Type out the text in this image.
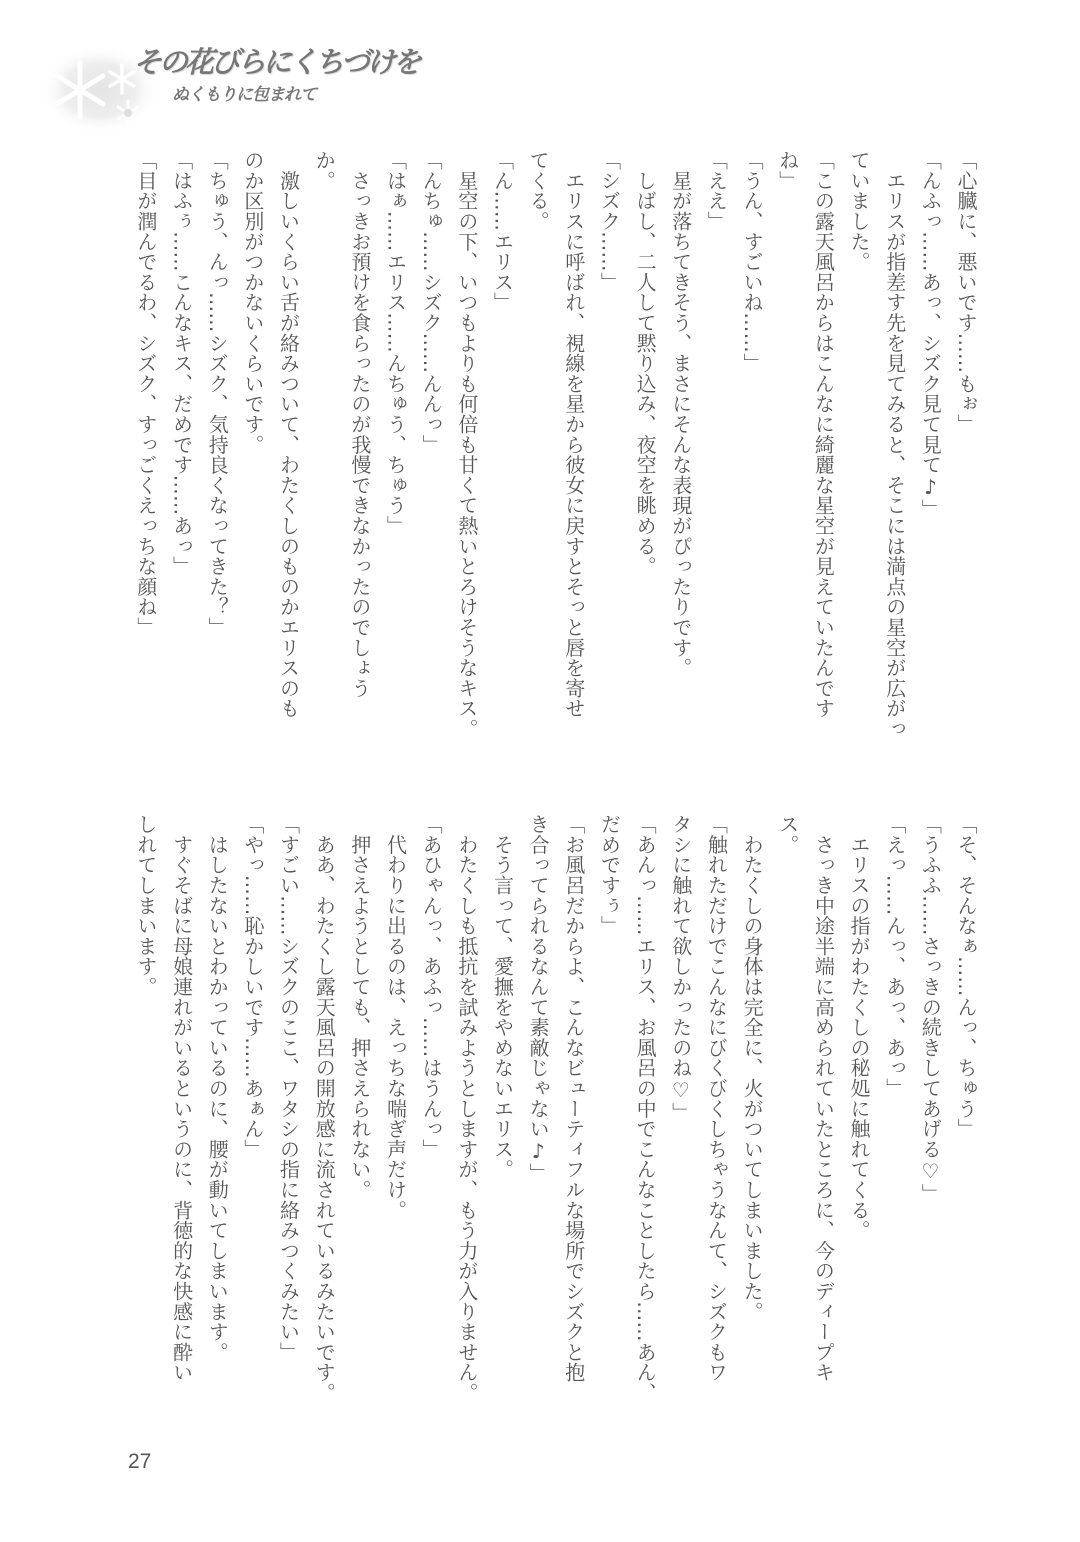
その花びらにくちづけを
ぬくもりに包まれて
「心臓に、悪いです……もぉ」
「んふっ……あっ、シズク見て見て♪」
　エリスが指差す先を見てみると、そこには満点の星空が広がっ
ていました。
「この露天風呂からはこんなに綺麗な星空が見えていたんです
ね」
「うん、すごいね……」
「ええ」
　星が落ちてきそう、まさにそんな表現がぴったりです。
　しばし、二人して黙り込み、夜空を眺める。
「シズク……」
　エリスに呼ばれ、視線を星から彼女に戻すとそっと唇を寄せ
てくる。
「ん……エリス」
　星空の下、いつもよりも何倍も甘くて熱いとろけそうなキス。
「んちゅ……シズク……んんっ」
「はぁ……エリス……んちゅう、ちゅう」
　さっきお預けを食らったのが我慢できなかったのでしょう
か。
　激しいくらい舌が絡みついて、わたくしのものかエリスのも
のか区別がつかないくらいです。
「ちゅう、んっ……シズク、気持良くなってきた？」
「はふぅ……こんなキス、だめです……あっ」
「目が潤んでるわ、シズク、すっごくえっちな顔ね」
「そ、そんなぁ……んっ、ちゅう」
「うふふ……さっきの続きしてあげる♡」
「えっ……んっ、あっ、あっ」
　エリスの指がわたくしの秘処に触れてくる。
　さっき中途半端に高められていたところに、今のディープキ
ス。
　わたくしの身体は完全に、火がついてしまいました。
「触れただけでこんなにびくびくしちゃうなんて、シズクもワ
タシに触れて欲しかったのね♡」
「あんっ……エリス、お風呂の中でこんなことしたら……あん、
だめですぅ」
「お風呂だからよ、こんなビューティフルな場所でシズクと抱
き合ってられるなんて素敵じゃない♪」
　そう言って、愛撫をやめないエリス。
　わたくしも抵抗を試みようとしますが、もう力が入りません。
「あひゃんっ、あふっ……はうんっ」
　代わりに出るのは、えっちな喘ぎ声だけ。
　押さえようとしても、押さえられない。
　ああ、わたくし露天風呂の開放感に流されているみたいです。
「すごい……シズクのここ、ワタシの指に絡みつくみたい」
「やっ……恥かしいです……あぁん」
　はしたないとわかっているのに、腰が動いてしまいます。
　すぐそばに母娘連れがいるというのに、背徳的な快感に酔い
しれてしまいます。
27
